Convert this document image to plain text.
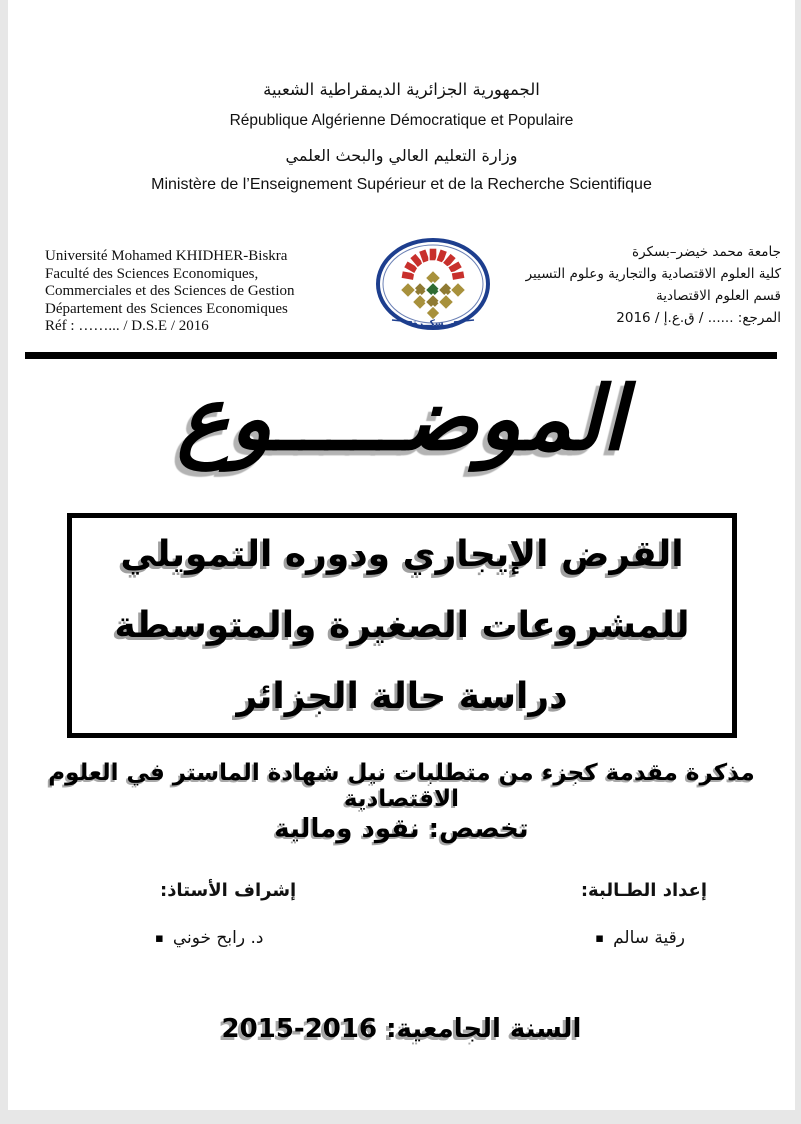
الجمهورية الجزائرية الديمقراطية الشعبية
République Algérienne Démocratique et Populaire
وزارة التعليم العالي والبحث العلمي
Ministère de l’Enseignement Supérieur et de la Recherche Scientifique
Université Mohamed KHIDHER-Biskra
Faculté des Sciences Economiques,
Commerciales et des Sciences de Gestion
Département des Sciences Economiques
Réf : ……... / D.S.E / 2016	بــسكــرة
جامعة محمد خيضر–بسكرة
كلية العلوم الاقتصادية والتجارية وعلوم التسيير
قسم العلوم الاقتصادية
المرجع: ...... / ق.ع.إ / 2016
الموضـــــوع
القرض الإيجاري ودوره التمويلي
للمشروعات الصغيرة والمتوسطة
دراسة حالة الجزائر
مذكرة مقدمة كجزء من متطلبات نيل شهادة الماستر في العلوم الاقتصادية
تخصص: نقود ومالية
إعداد الطـالبة:
إشراف الأستاذ:
▪ رقية سالم
▪ د. رابح خوني
السنة الجامعية: 2016-2015
